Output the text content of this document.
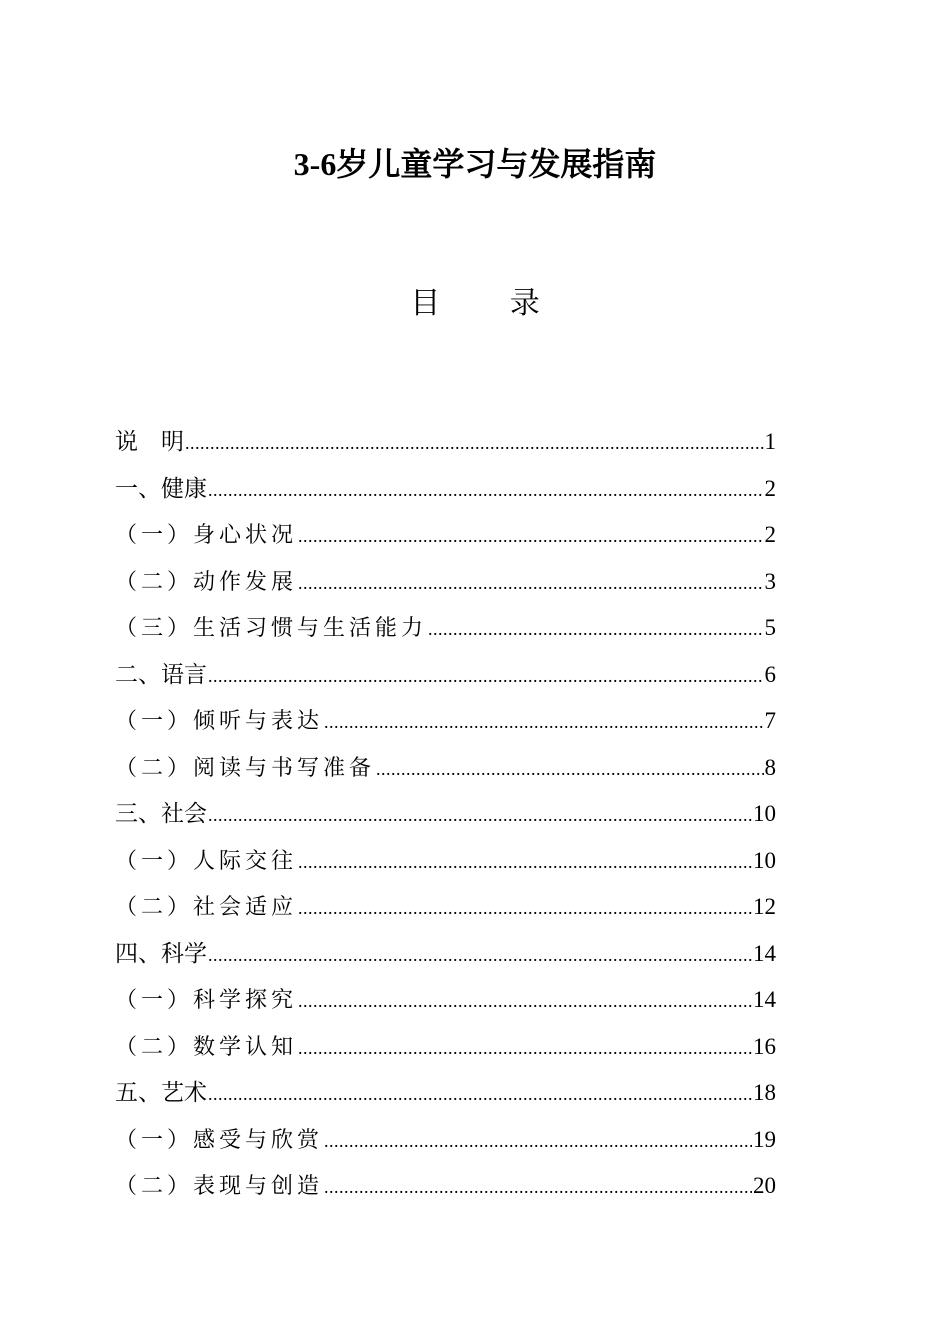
3-6岁儿童学习与发展指南
目 录
说　明 .....	1
一、健康 .....	2
（一）身心状况 .....	2
（二）动作发展 .....	3
（三）生活习惯与生活能力 .....	5
二、语言 .....	6
（一）倾听与表达 .....	7
（二）阅读与书写准备 .....	8
三、社会 .....	10
（一）人际交往 .....	10
（二）社会适应 .....	12
四、科学 .....	14
（一）科学探究 .....	14
（二）数学认知 .....	16
五、艺术 .....	18
（一）感受与欣赏 .....	19
（二）表现与创造 .....	20
